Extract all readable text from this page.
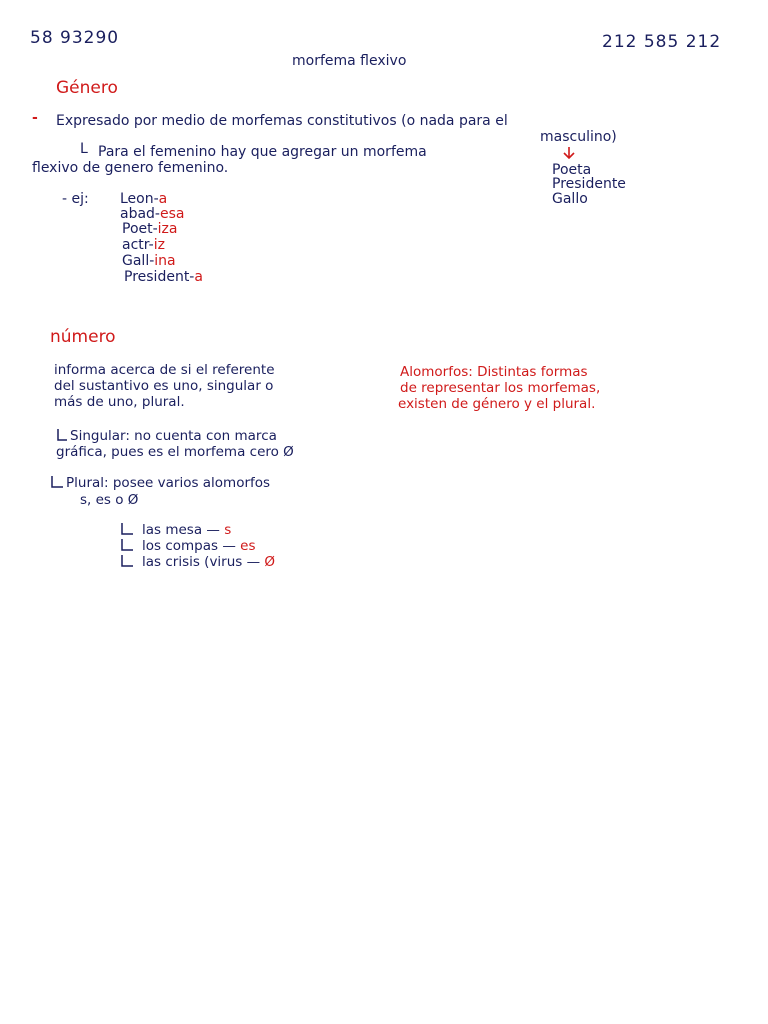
58 93290	212 585 212
morfema flexivo
Género
- Expresado por medio de morfemas constitutivos (o nada para el
masculino)
Poeta
Presidente
Gallo
L Para el femenino hay que agregar un morfema
flexivo de genero femenino.
- ej: Leon-a
abad-esa
Poet-iza
actr-iz
Gall-ina
President-a
número
informa acerca de si el referente
del sustantivo es uno, singular o
más de uno, plural.
Alomorfos: Distintas formas
de representar los morfemas,
existen de género y el plural.
Singular: no cuenta con marca
gráfica, pues es el morfema cero Ø
Plural: posee varios alomorfos
s, es o Ø
las mesa — s
los compas — es
las crisis (virus — Ø
